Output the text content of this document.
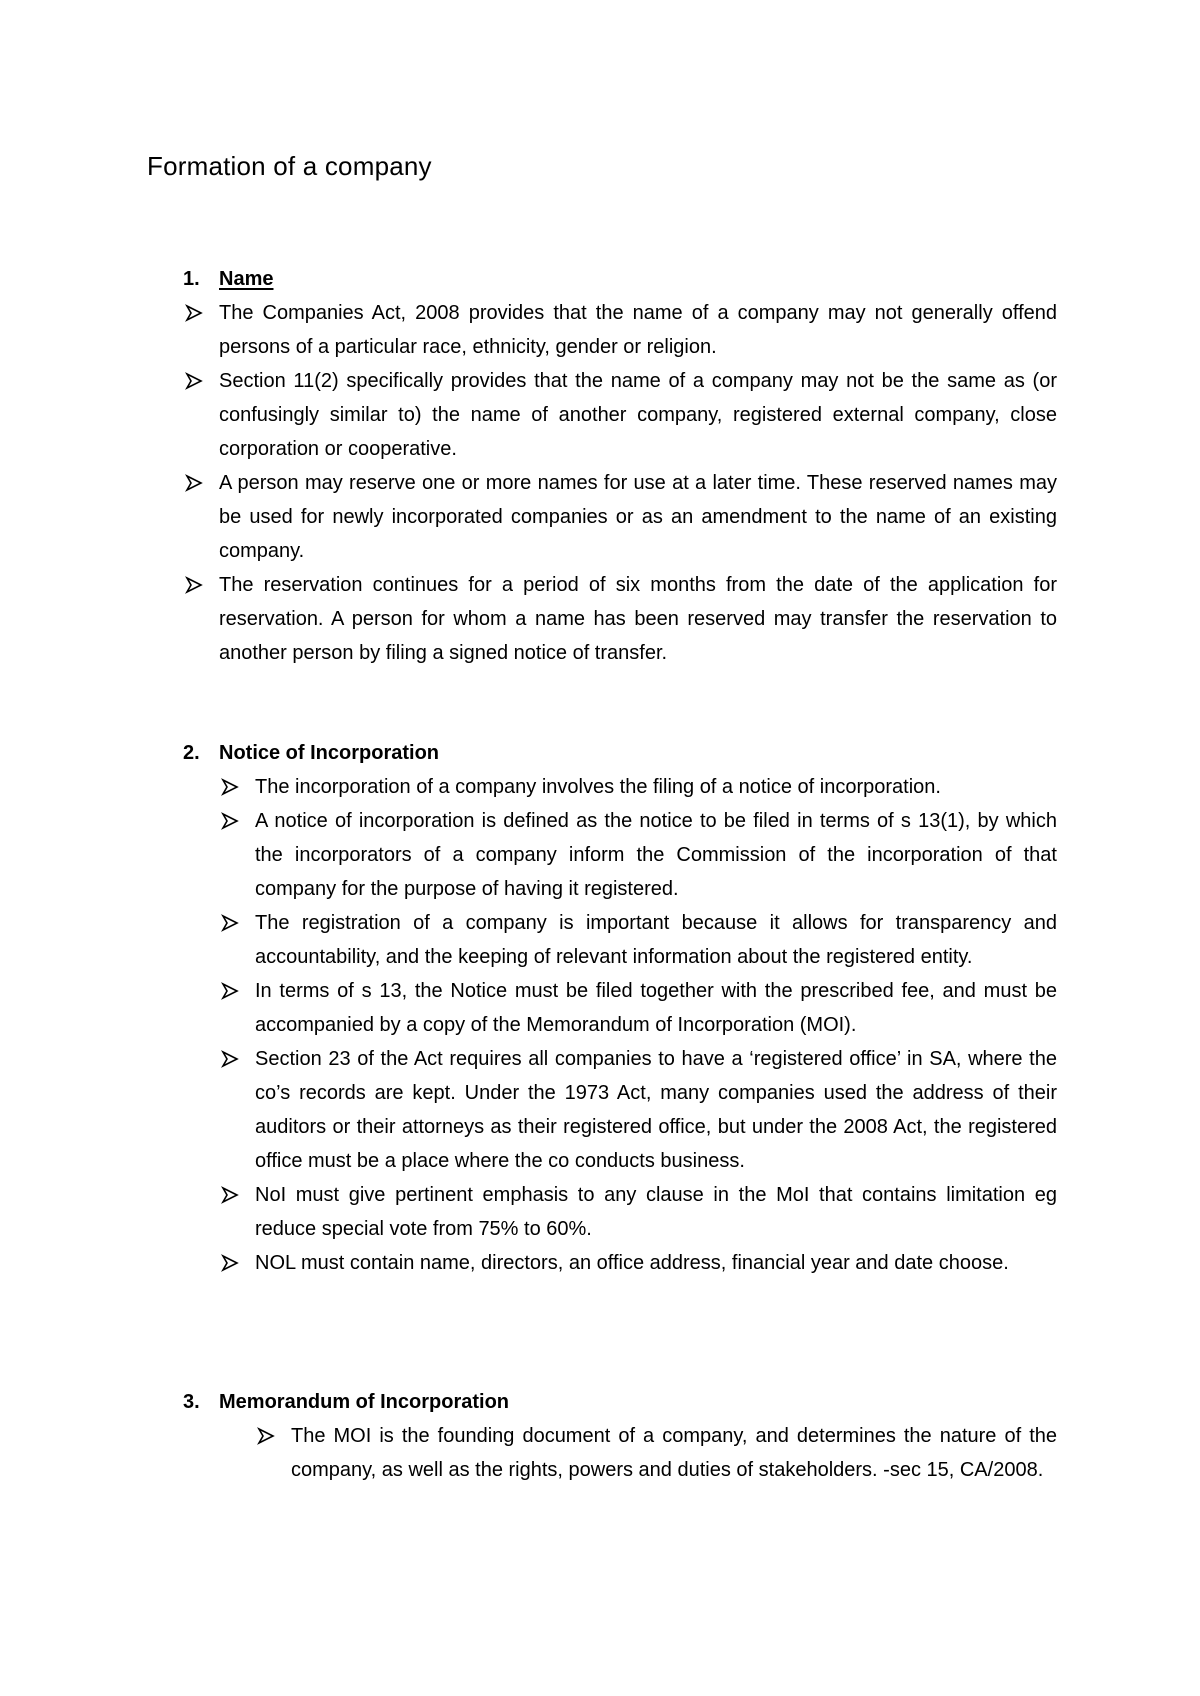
Formation of a company
1. Name
The Companies Act, 2008 provides that the name of a company may not generally offend persons of a particular race, ethnicity, gender or religion.
Section 11(2) specifically provides that the name of a company may not be the same as (or confusingly similar to) the name of another company, registered external company, close corporation or cooperative.
A person may reserve one or more names for use at a later time. These reserved names may be used for newly incorporated companies or as an amendment to the name of an existing company.
The reservation continues for a period of six months from the date of the application for reservation. A person for whom a name has been reserved may transfer the reservation to another person by filing a signed notice of transfer.
2. Notice of Incorporation
The incorporation of a company involves the filing of a notice of incorporation.
A notice of incorporation is defined as the notice to be filed in terms of s 13(1), by which the incorporators of a company inform the Commission of the incorporation of that company for the purpose of having it registered.
The registration of a company is important because it allows for transparency and accountability, and the keeping of relevant information about the registered entity.
In terms of s 13, the Notice must be filed together with the prescribed fee, and must be accompanied by a copy of the Memorandum of Incorporation (MOI).
Section 23 of the Act requires all companies to have a ‘registered office’ in SA, where the co’s records are kept. Under the 1973 Act, many companies used the address of their auditors or their attorneys as their registered office, but under the 2008 Act, the registered office must be a place where the co conducts business.
NoI must give pertinent emphasis to any clause in the MoI that contains limitation eg reduce special vote from 75% to 60%.
NOL must contain name, directors, an office address, financial year and date choose.
3. Memorandum of Incorporation
The MOI is the founding document of a company, and determines the nature of the company, as well as the rights, powers and duties of stakeholders. -sec 15, CA/2008.
